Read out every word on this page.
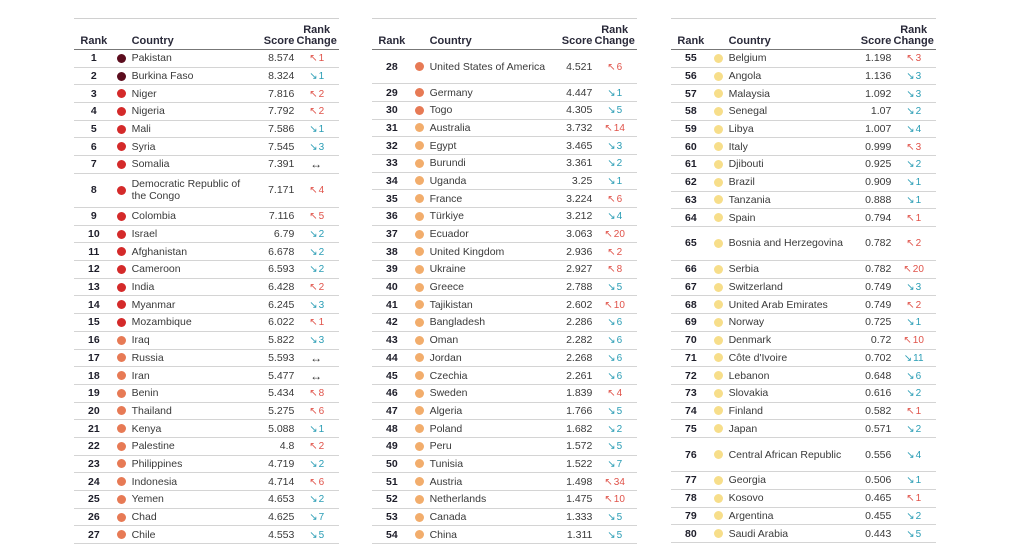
Rank	Country	Score
Rank
Change
1	Pakistan	8.574 ↖ 1
2	Burkina Faso	8.324 ↘ 1
3	Niger	7.816 ↖ 2
4	Nigeria	7.792 ↖ 2
5	Mali	7.586 ↘ 1
6	Syria	7.545 ↘ 3
7	Somalia	7.391 ↔
8	Democratic Republic of the Congo	7.171 ↖ 4
9	Colombia	7.116 ↖ 5
10	Israel	6.79 ↘ 2
11	Afghanistan	6.678 ↘ 2
12	Cameroon	6.593 ↘ 2
13	India	6.428 ↖ 2
14	Myanmar	6.245 ↘ 3
15	Mozambique	6.022 ↖ 1
16	Iraq	5.822 ↘ 3
17	Russia	5.593 ↔
18	Iran	5.477 ↔
19	Benin	5.434 ↖ 8
20	Thailand	5.275 ↖ 6
21	Kenya	5.088 ↘ 1
22	Palestine	4.8 ↖ 2
23	Philippines	4.719 ↘ 2
24	Indonesia	4.714 ↖ 6
25	Yemen	4.653 ↘ 2
26	Chad	4.625 ↘ 7
27	Chile	4.553 ↘ 5
Rank	Country	Score
Rank
Change
28	United States of America	4.521 ↖ 6
29	Germany	4.447 ↘ 1
30	Togo	4.305 ↘ 5
31	Australia	3.732 ↖ 14
32	Egypt	3.465 ↘ 3
33	Burundi	3.361 ↘ 2
34	Uganda	3.25 ↘ 1
35	France	3.224 ↖ 6
36	Türkiye	3.212 ↘ 4
37	Ecuador	3.063 ↖ 20
38	United Kingdom	2.936 ↖ 2
39	Ukraine	2.927 ↖ 8
40	Greece	2.788 ↘ 5
41	Tajikistan	2.602 ↖ 10
42	Bangladesh	2.286 ↘ 6
43	Oman	2.282 ↘ 6
44	Jordan	2.268 ↘ 6
45	Czechia	2.261 ↘ 6
46	Sweden	1.839 ↖ 4
47	Algeria	1.766 ↘ 5
48	Poland	1.682 ↘ 2
49	Peru	1.572 ↘ 5
50	Tunisia	1.522 ↘ 7
51	Austria	1.498 ↖ 34
52	Netherlands	1.475 ↖ 10
53	Canada	1.333 ↘ 5
54	China	1.311 ↘ 5
Rank	Country	Score
Rank
Change
55	Belgium	1.198 ↖ 3
56	Angola	1.136 ↘ 3
57	Malaysia	1.092 ↘ 3
58	Senegal	1.07 ↘ 2
59	Libya	1.007 ↘ 4
60	Italy	0.999 ↖ 3
61	Djibouti	0.925 ↘ 2
62	Brazil	0.909 ↘ 1
63	Tanzania	0.888 ↘ 1
64	Spain	0.794 ↖ 1
65	Bosnia and Herzegovina	0.782 ↖ 2
66	Serbia	0.782 ↖ 20
67	Switzerland	0.749 ↘ 3
68	United Arab Emirates	0.749 ↖ 2
69	Norway	0.725 ↘ 1
70	Denmark	0.72 ↖ 10
71	Côte d'Ivoire	0.702 ↘ 11
72	Lebanon	0.648 ↘ 6
73	Slovakia	0.616 ↘ 2
74	Finland	0.582 ↖ 1
75	Japan	0.571 ↘ 2
76	Central African Republic	0.556 ↘ 4
77	Georgia	0.506 ↘ 1
78	Kosovo	0.465 ↖ 1
79	Argentina	0.455 ↘ 2
80	Saudi Arabia	0.443 ↘ 5
